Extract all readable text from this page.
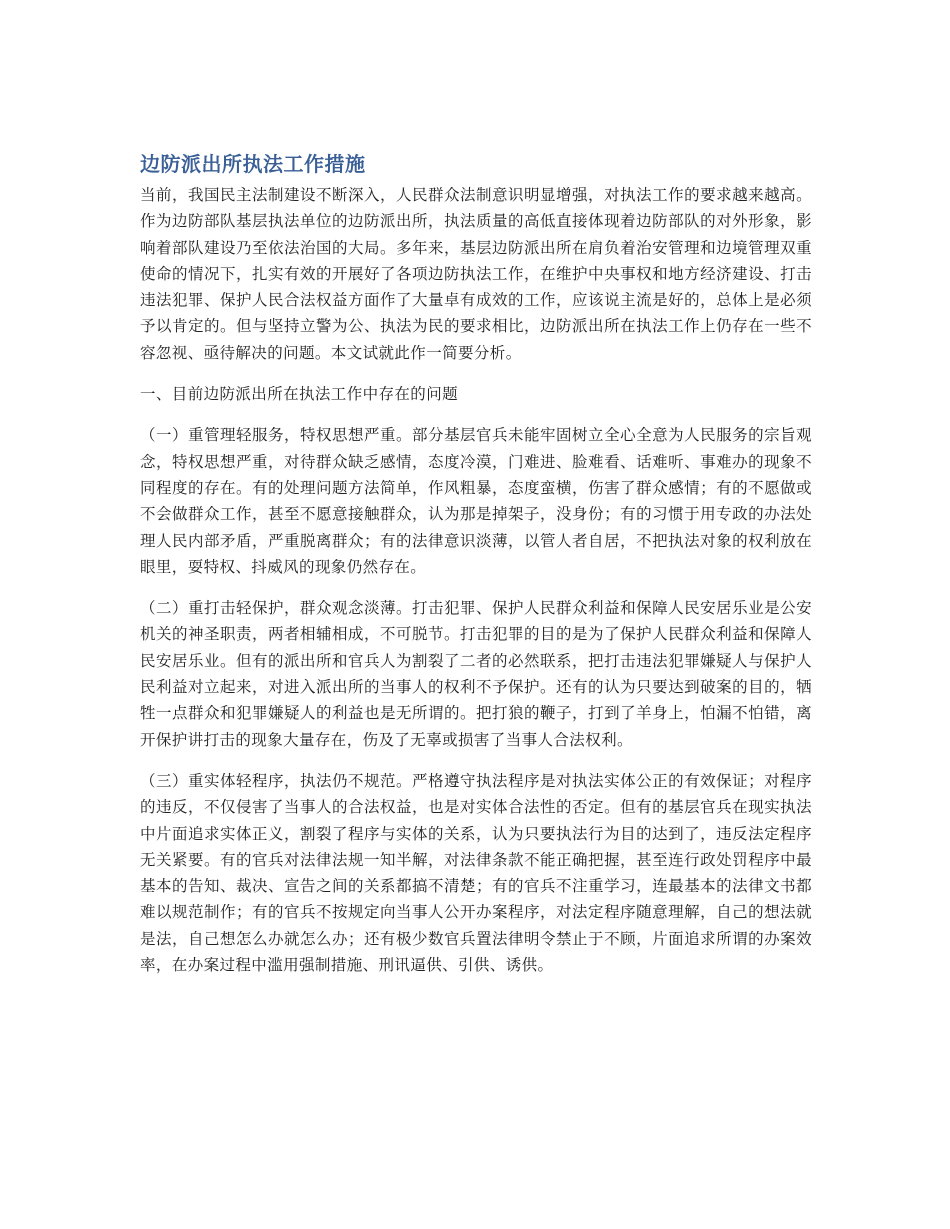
边防派出所执法工作措施

当前，我国民主法制建设不断深入，人民群众法制意识明显增强，对执法工作的要求越来越高。作为边防部队基层执法单位的边防派出所，执法质量的高低直接体现着边防部队的对外形象，影响着部队建设乃至依法治国的大局。多年来，基层边防派出所在肩负着治安管理和边境管理双重使命的情况下，扎实有效的开展好了各项边防执法工作，在维护中央事权和地方经济建设、打击违法犯罪、保护人民合法权益方面作了大量卓有成效的工作，应该说主流是好的，总体上是必须予以肯定的。但与坚持立警为公、执法为民的要求相比，边防派出所在执法工作上仍存在一些不容忽视、亟待解决的问题。本文试就此作一简要分析。

一、目前边防派出所在执法工作中存在的问题

（一）重管理轻服务，特权思想严重。部分基层官兵未能牢固树立全心全意为人民服务的宗旨观念，特权思想严重，对待群众缺乏感情，态度冷漠，门难进、脸难看、话难听、事难办的现象不同程度的存在。有的处理问题方法简单，作风粗暴，态度蛮横，伤害了群众感情；有的不愿做或不会做群众工作，甚至不愿意接触群众，认为那是掉架子，没身份；有的习惯于用专政的办法处理人民内部矛盾，严重脱离群众；有的法律意识淡薄，以管人者自居，不把执法对象的权利放在眼里，耍特权、抖威风的现象仍然存在。

（二）重打击轻保护，群众观念淡薄。打击犯罪、保护人民群众利益和保障人民安居乐业是公安机关的神圣职责，两者相辅相成，不可脱节。打击犯罪的目的是为了保护人民群众利益和保障人民安居乐业。但有的派出所和官兵人为割裂了二者的必然联系，把打击违法犯罪嫌疑人与保护人民利益对立起来，对进入派出所的当事人的权利不予保护。还有的认为只要达到破案的目的，牺牲一点群众和犯罪嫌疑人的利益也是无所谓的。把打狼的鞭子，打到了羊身上，怕漏不怕错，离开保护讲打击的现象大量存在，伤及了无辜或损害了当事人合法权利。

（三）重实体轻程序，执法仍不规范。严格遵守执法程序是对执法实体公正的有效保证；对程序的违反，不仅侵害了当事人的合法权益，也是对实体合法性的否定。但有的基层官兵在现实执法中片面追求实体正义，割裂了程序与实体的关系，认为只要执法行为目的达到了，违反法定程序无关紧要。有的官兵对法律法规一知半解，对法律条款不能正确把握，甚至连行政处罚程序中最基本的告知、裁决、宣告之间的关系都搞不清楚；有的官兵不注重学习，连最基本的法律文书都难以规范制作；有的官兵不按规定向当事人公开办案程序，对法定程序随意理解，自己的想法就是法，自己想怎么办就怎么办；还有极少数官兵置法律明令禁止于不顾，片面追求所谓的办案效率，在办案过程中滥用强制措施、刑讯逼供、引供、诱供。
